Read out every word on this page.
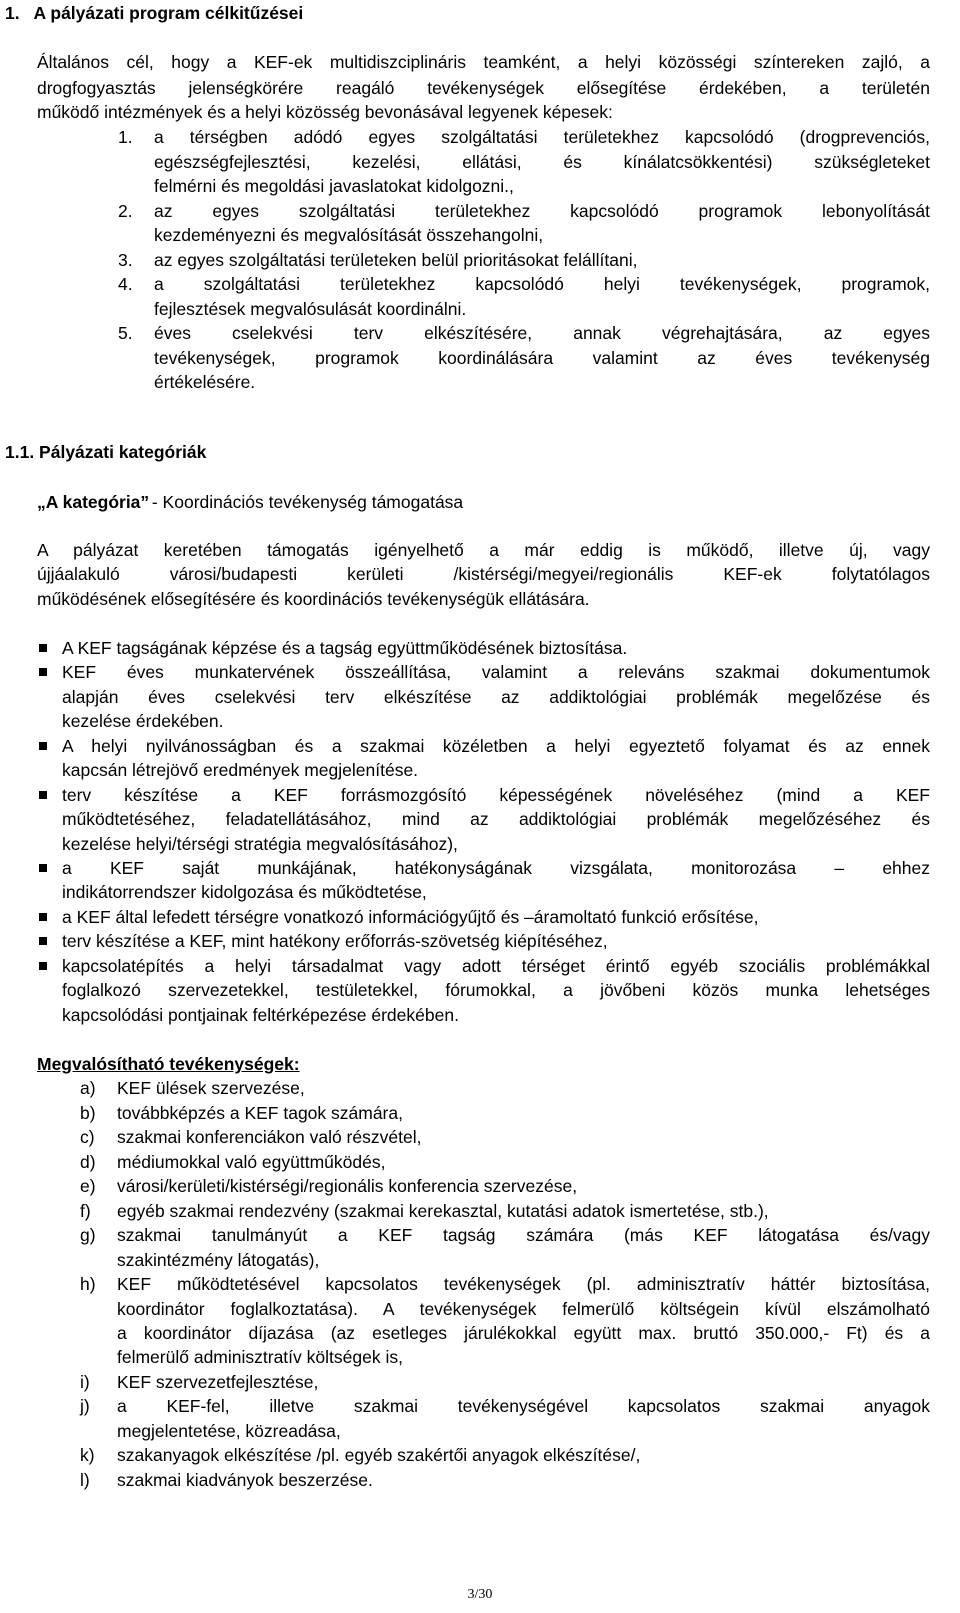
1.   A pályázati program célkitűzései
Általános cél, hogy a KEF-ek multidiszciplináris teamként, a helyi közösségi színtereken zajló, a
drogfogyasztás jelenségkörére reagáló tevékenységek elősegítése érdekében, a területén
működő intézmények és a helyi közösség bevonásával legyenek képesek:
1. a térségben adódó egyes szolgáltatási területekhez kapcsolódó (drogprevenciós,
egészségfejlesztési, kezelési, ellátási, és kínálatcsökkentési) szükségleteket
felmérni és megoldási javaslatokat kidolgozni.,
2. az egyes szolgáltatási területekhez kapcsolódó programok lebonyolítását
kezdeményezni és megvalósítását összehangolni,
3. az egyes szolgáltatási területeken belül prioritásokat felállítani,
4. a szolgáltatási területekhez kapcsolódó helyi tevékenységek, programok,
fejlesztések megvalósulását koordinálni.
5. éves cselekvési terv elkészítésére, annak végrehajtására, az egyes
tevékenységek, programok koordinálására valamint az éves tevékenység
értékelésére.
1.1. Pályázati kategóriák
„A kategória”
- Koordinációs tevékenység támogatása
A pályázat keretében támogatás igényelhető a már eddig is működő, illetve új, vagy
újjáalakuló városi/budapesti kerületi /kistérségi/megyei/regionális KEF-ek folytatólagos
működésének elősegítésére és koordinációs tevékenységük ellátására.
A KEF tagságának képzése és a tagság együttműködésének biztosítása.
KEF éves munkatervének összeállítása, valamint a releváns szakmai dokumentumok
alapján éves cselekvési terv elkészítése az addiktológiai problémák megelőzése és
kezelése érdekében.
A helyi nyilvánosságban és a szakmai közéletben a helyi egyeztető folyamat és az ennek
kapcsán létrejövő eredmények megjelenítése.
terv készítése a KEF forrásmozgósító képességének növeléséhez (mind a KEF
működtetéséhez, feladatellátásához, mind az addiktológiai problémák megelőzéséhez és
kezelése helyi/térségi stratégia megvalósításához),
a KEF saját munkájának, hatékonyságának vizsgálata, monitorozása – ehhez
indikátorrendszer kidolgozása és működtetése,
a KEF által lefedett térségre vonatkozó információgyűjtő és –áramoltató funkció erősítése,
terv készítése a KEF, mint hatékony erőforrás-szövetség kiépítéséhez,
kapcsolatépítés a helyi társadalmat vagy adott térséget érintő egyéb szociális problémákkal
foglalkozó szervezetekkel, testületekkel, fórumokkal, a jövőbeni közös munka lehetséges
kapcsolódási pontjainak feltérképezése érdekében.
Megvalósítható tevékenységek:
a) KEF ülések szervezése,
b) továbbképzés a KEF tagok számára,
c) szakmai konferenciákon való részvétel,
d) médiumokkal való együttműködés,
e) városi/kerületi/kistérségi/regionális konferencia szervezése,
f) egyéb szakmai rendezvény (szakmai kerekasztal, kutatási adatok ismertetése, stb.),
g) szakmai tanulmányút a KEF tagság számára (más KEF látogatása és/vagy
szakintézmény látogatás),
h) KEF működtetésével kapcsolatos tevékenységek (pl. adminisztratív háttér biztosítása,
koordinátor foglalkoztatása). A tevékenységek felmerülő költségein kívül elszámolható
a koordinátor díjazása (az esetleges járulékokkal együtt max. bruttó 350.000,- Ft) és a
felmerülő adminisztratív költségek is,
i) KEF szervezetfejlesztése,
j) a KEF-fel, illetve szakmai tevékenységével kapcsolatos szakmai anyagok
megjelentetése, közreadása,
k) szakanyagok elkészítése /pl. egyéb szakértői anyagok elkészítése/,
l) szakmai kiadványok beszerzése.
3/30
